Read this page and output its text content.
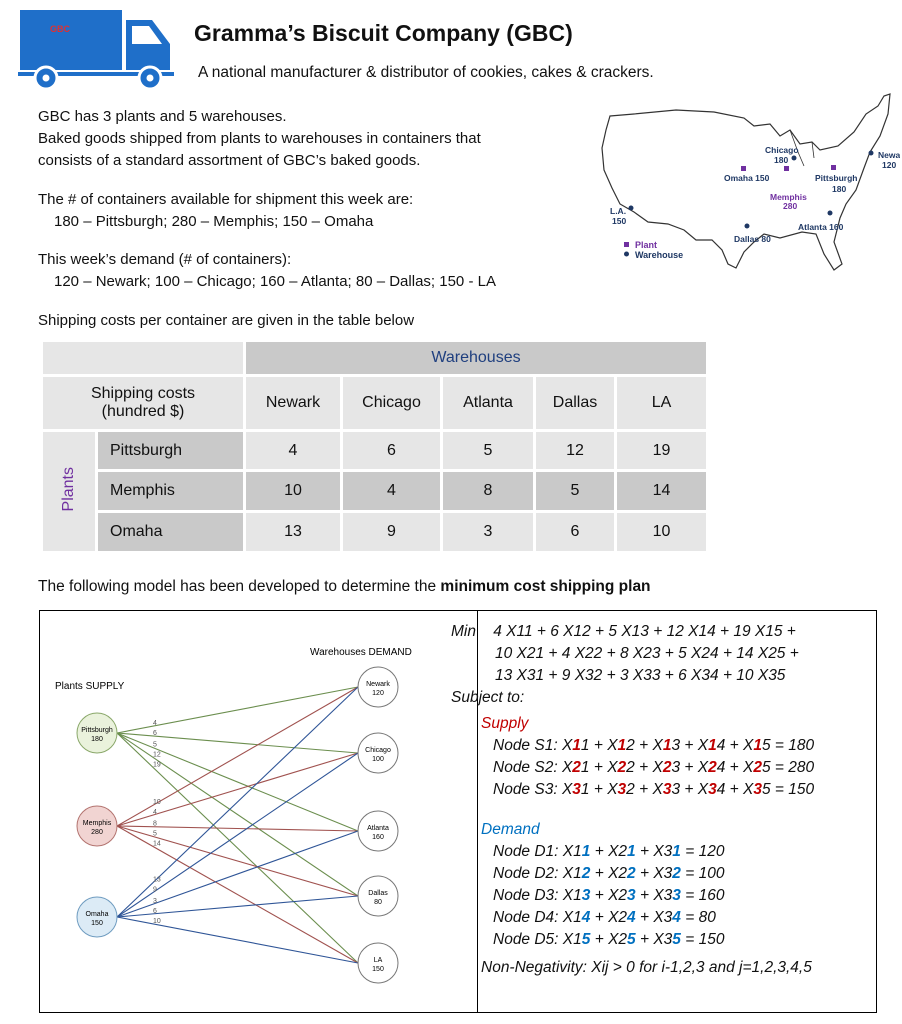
GBC	Gramma’s Biscuit Company (GBC)
A national manufacturer & distributor of cookies, cakes & crackers.
GBC has 3 plants and 5 warehouses.
Baked goods shipped from plants to warehouses in containers that
consists of a standard assortment of GBC’s baked goods.
The # of containers available for shipment this week are:
180 – Pittsburgh; 280 – Memphis; 150 – Omaha
This week’s demand (# of containers):
120 – Newark; 100 – Chicago; 160 – Atlanta; 80 – Dallas; 150 - LA
Shipping costs per container are given in the table below
Chicago
180
Omaha 150	Pittsburgh
180
Memphis
280
L.A.
150
Dallas 80
Atlanta 160
Newa
120
Plant
Warehouse
		Warehouses				

Shipping costs
(hundred $)		Newark	Chicago	Atlanta	Dallas	LA
Plants	Pittsburgh	4	6	5	12	19
	Memphis	10	4	8	5	14
	Omaha	13	9	3	6	10
The following model has been developed to determine the minimum cost shipping plan
4
6
5
12
19
10
4
8
5
14
13
9
3
6
10
Plants SUPPLY
Warehouses DEMAND
Pittsburgh
180
Memphis
280
Omaha
150
Newark
120
Chicago
100
Atlanta
160
Dallas
80
LA
150
Min 4 X11 + 6 X12 + 5 X13 + 12 X14 + 19 X15 +
10 X21 + 4 X22 + 8 X23 + 5 X24 + 14 X25 +
13 X31 + 9 X32 + 3 X33 + 6 X34 + 10 X35
Subject to:
Supply
Node S1: X11 + X12 + X13 + X14 + X15 = 180
Node S2: X21 + X22 + X23 + X24 + X25 = 280
Node S3: X31 + X32 + X33 + X34 + X35 = 150
Demand
Node D1: X11 + X21 + X31 = 120
Node D2: X12 + X22 + X32 = 100
Node D3: X13 + X23 + X33 = 160
Node D4: X14 + X24 + X34 = 80
Node D5: X15 + X25 + X35 = 150
Non-Negativity: Xij > 0 for i-1,2,3 and j=1,2,3,4,5
